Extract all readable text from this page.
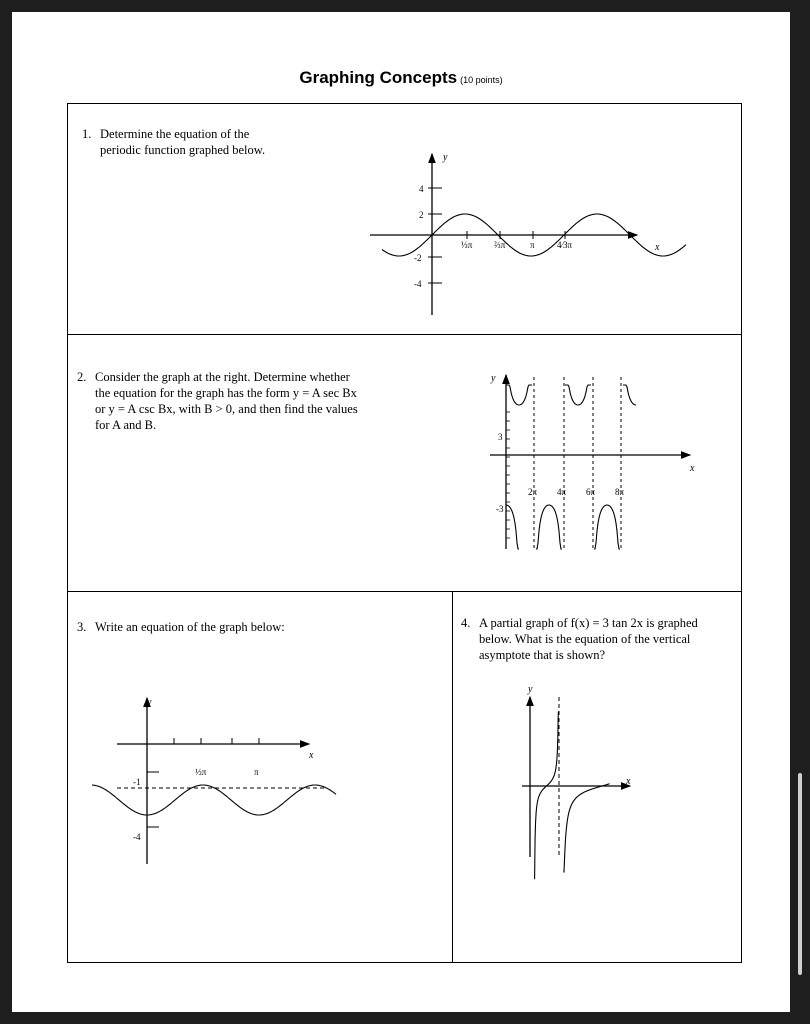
Graphing Concepts (10 points)
1. Determine the equation of the
periodic function graphed below.
y
x
4
2
-2
-4
⅓π ⅔π	π 4⁄3π
2. Consider the graph at the right. Determine whether
the equation for the graph has the form y = A sec Bx
or y = A csc Bx, with B > 0, and then find the values
for A and B.
y
x
3
-3
2π 4π 6π 8π
3. Write an equation of the graph below:
y
x
-1
-4
½π	π
4. A partial graph of f(x) = 3 tan 2x is graphed
below. What is the equation of the vertical
asymptote that is shown?
y
x
